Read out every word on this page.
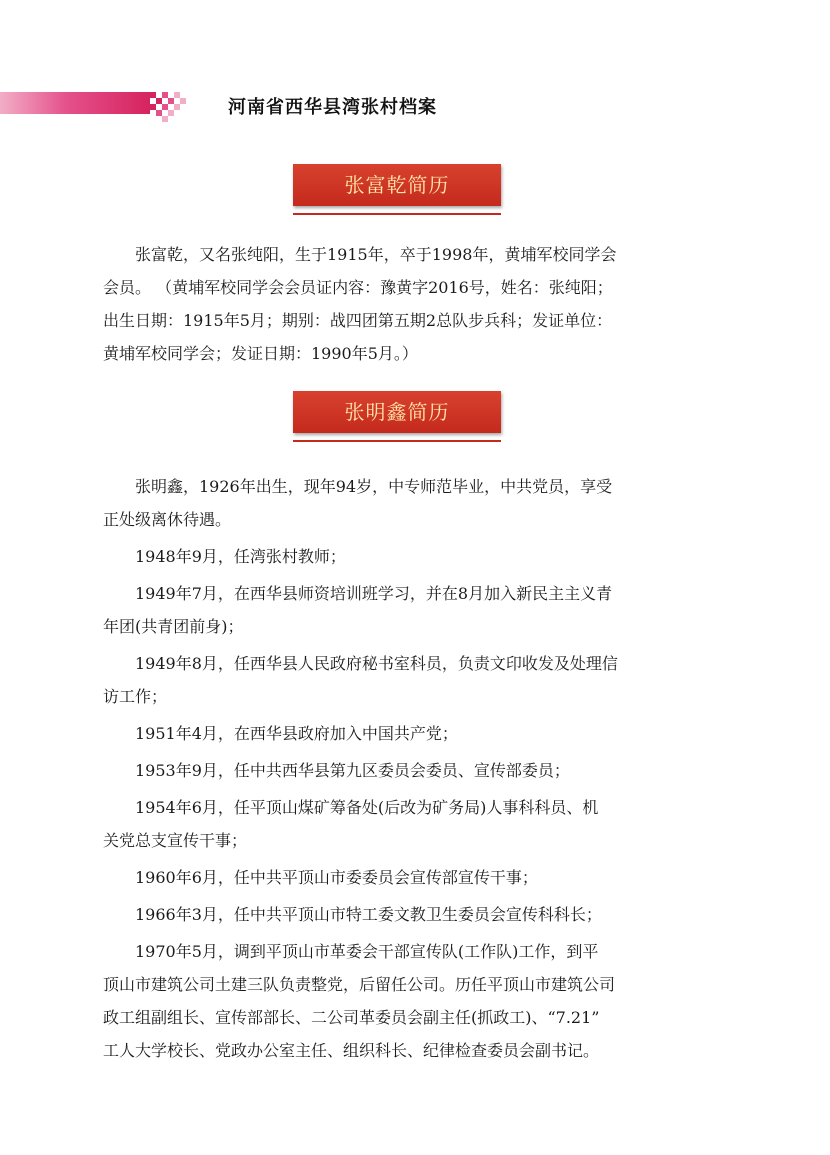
河南省西华县湾张村档案
张富乾简历
　　张富乾，又名张纯阳，生于1915年，卒于1998年，黄埔军校同学会
会员。 （黄埔军校同学会会员证内容：豫黄字2016号，姓名：张纯阳；
出生日期：1915年5月；期别：战四团第五期2总队步兵科；发证单位：
黄埔军校同学会；发证日期：1990年5月。）
张明鑫简历
　　张明鑫，1926年出生，现年94岁，中专师范毕业，中共党员，享受
正处级离休待遇。
　　1948年9月，任湾张村教师；
　　1949年7月，在西华县师资培训班学习，并在8月加入新民主主义青
年团(共青团前身)；
　　1949年8月，任西华县人民政府秘书室科员，负责文印收发及处理信
访工作；
　　1951年4月，在西华县政府加入中国共产党；
　　1953年9月，任中共西华县第九区委员会委员、宣传部委员；
　　1954年6月，任平顶山煤矿筹备处(后改为矿务局)人事科科员、机
关党总支宣传干事；
　　1960年6月，任中共平顶山市委委员会宣传部宣传干事；
　　1966年3月，任中共平顶山市特工委文教卫生委员会宣传科科长；
　　1970年5月，调到平顶山市革委会干部宣传队(工作队)工作，到平
顶山市建筑公司土建三队负责整党，后留任公司。历任平顶山市建筑公司
政工组副组长、宣传部部长、二公司革委员会副主任(抓政工)、“7.21”
工人大学校长、党政办公室主任、组织科长、纪律检查委员会副书记。
